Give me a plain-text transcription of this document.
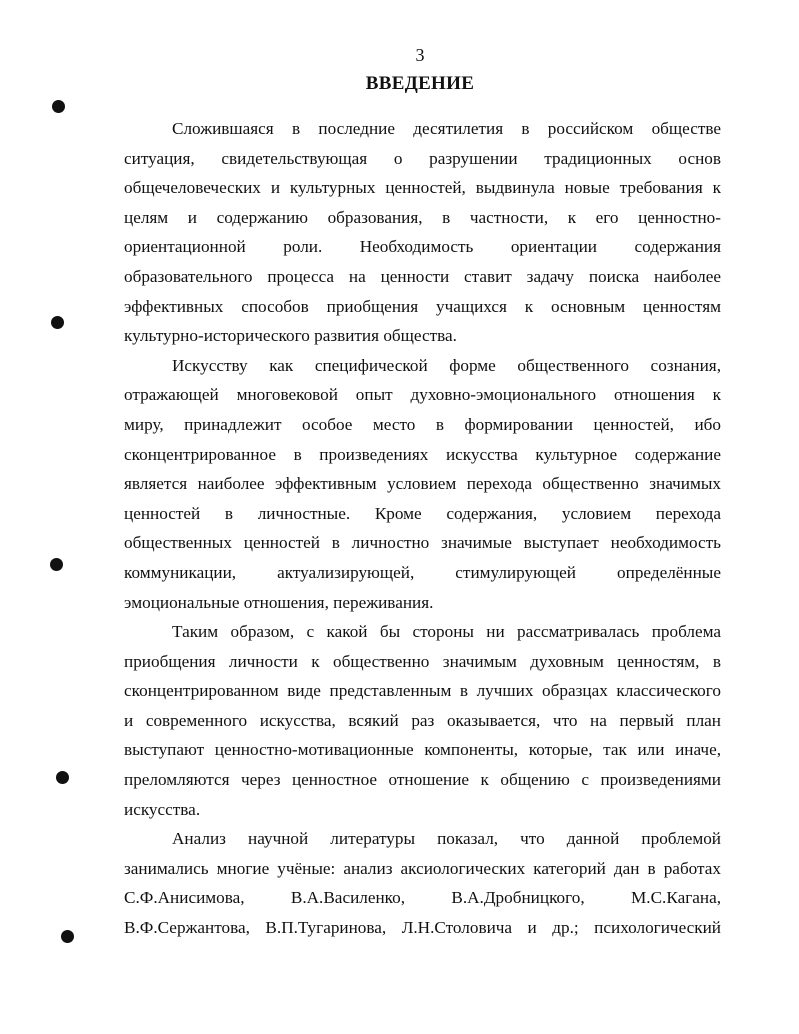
3
ВВЕДЕНИЕ
Сложившаяся в последние десятилетия в российском обществе
ситуация, свидетельствующая о разрушении традиционных основ
общечеловеческих и культурных ценностей, выдвинула новые требования к
целям и содержанию образования, в частности, к его ценностно-
ориентационной роли. Необходимость ориентации содержания
образовательного процесса на ценности ставит задачу поиска наиболее
эффективных способов приобщения учащихся к основным ценностям
культурно-исторического развития общества.
Искусству как специфической форме общественного сознания,
отражающей многовековой опыт духовно-эмоционального отношения к
миру, принадлежит особое место в формировании ценностей, ибо
сконцентрированное в произведениях искусства культурное содержание
является наиболее эффективным условием перехода общественно значимых
ценностей в личностные. Кроме содержания, условием перехода
общественных ценностей в личностно значимые выступает необходимость
коммуникации, актуализирующей, стимулирующей определённые
эмоциональные отношения, переживания.
Таким образом, с какой бы стороны ни рассматривалась проблема
приобщения личности к общественно значимым духовным ценностям, в
сконцентрированном виде представленным в лучших образцах классического
и современного искусства, всякий раз оказывается, что на первый план
выступают ценностно-мотивационные компоненты, которые, так или иначе,
преломляются через ценностное отношение к общению с произведениями
искусства.
Анализ научной литературы показал, что данной проблемой
занимались многие учёные: анализ аксиологических категорий дан в работах
С.Ф.Анисимова, В.А.Василенко, В.А.Дробницкого, М.С.Кагана,
В.Ф.Сержантова, В.П.Тугаринова, Л.Н.Столовича и др.; психологический
